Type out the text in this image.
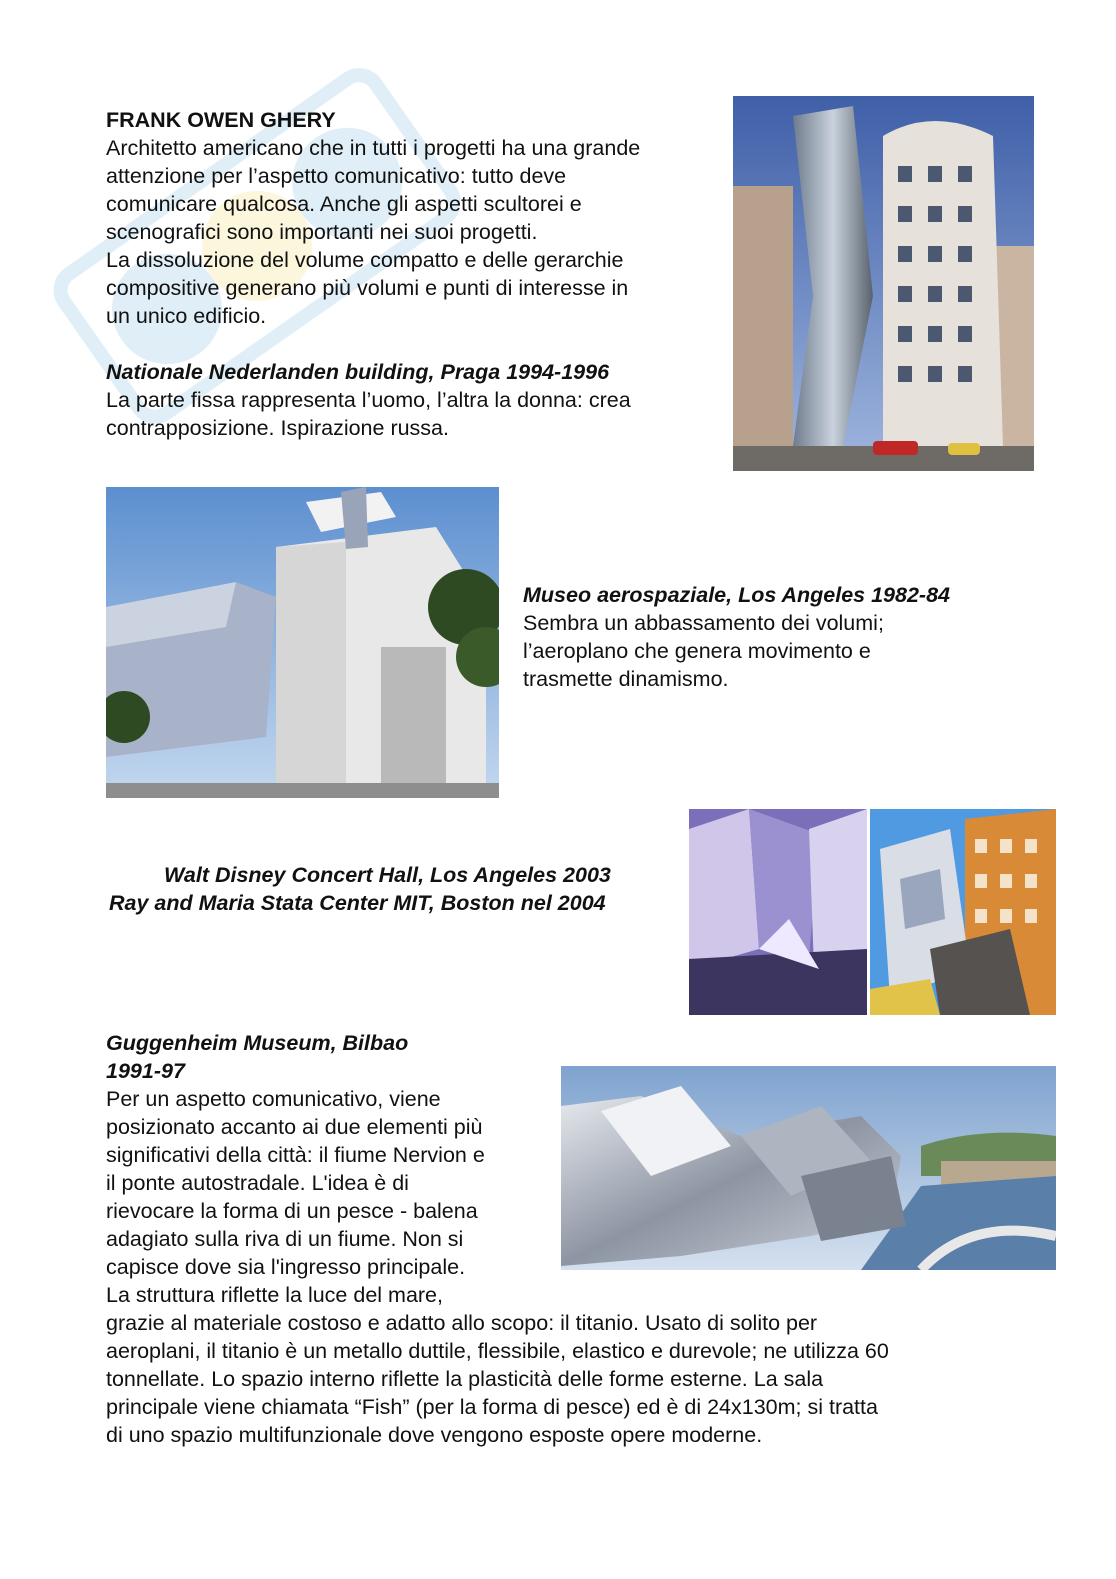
FRANK OWEN GHERY
Architetto americano che in tutti i progetti ha una grande
attenzione per l’aspetto comunicativo: tutto deve
comunicare qualcosa. Anche gli aspetti scultorei e
scenografici sono importanti nei suoi progetti.
La dissoluzione del volume compatto e delle gerarchie
compositive generano più volumi e punti di interesse in
un unico edificio.
Nationale Nederlanden building, Praga 1994-1996
La parte fissa rappresenta l’uomo, l’altra la donna: crea
contrapposizione. Ispirazione russa.
Museo aerospaziale, Los Angeles 1982-84
Sembra un abbassamento dei volumi;
l’aeroplano che genera movimento e
trasmette dinamismo.
Walt Disney Concert Hall, Los Angeles 2003
Ray and Maria Stata Center MIT, Boston nel 2004
Guggenheim Museum, Bilbao
1991-97
Per un aspetto comunicativo, viene
posizionato accanto ai due elementi più
significativi della città: il fiume Nervion e
il ponte autostradale. L'idea è di
rievocare la forma di un pesce - balena
adagiato sulla riva di un fiume. Non si
capisce dove sia l'ingresso principale.
La struttura riflette la luce del mare,
grazie al materiale costoso e adatto allo scopo: il titanio. Usato di solito per
aeroplani, il titanio è un metallo duttile, flessibile, elastico e durevole; ne utilizza 60
tonnellate. Lo spazio interno riflette la plasticità delle forme esterne. La sala
principale viene chiamata “Fish” (per la forma di pesce) ed è di 24x130m; si tratta
di uno spazio multifunzionale dove vengono esposte opere moderne.
